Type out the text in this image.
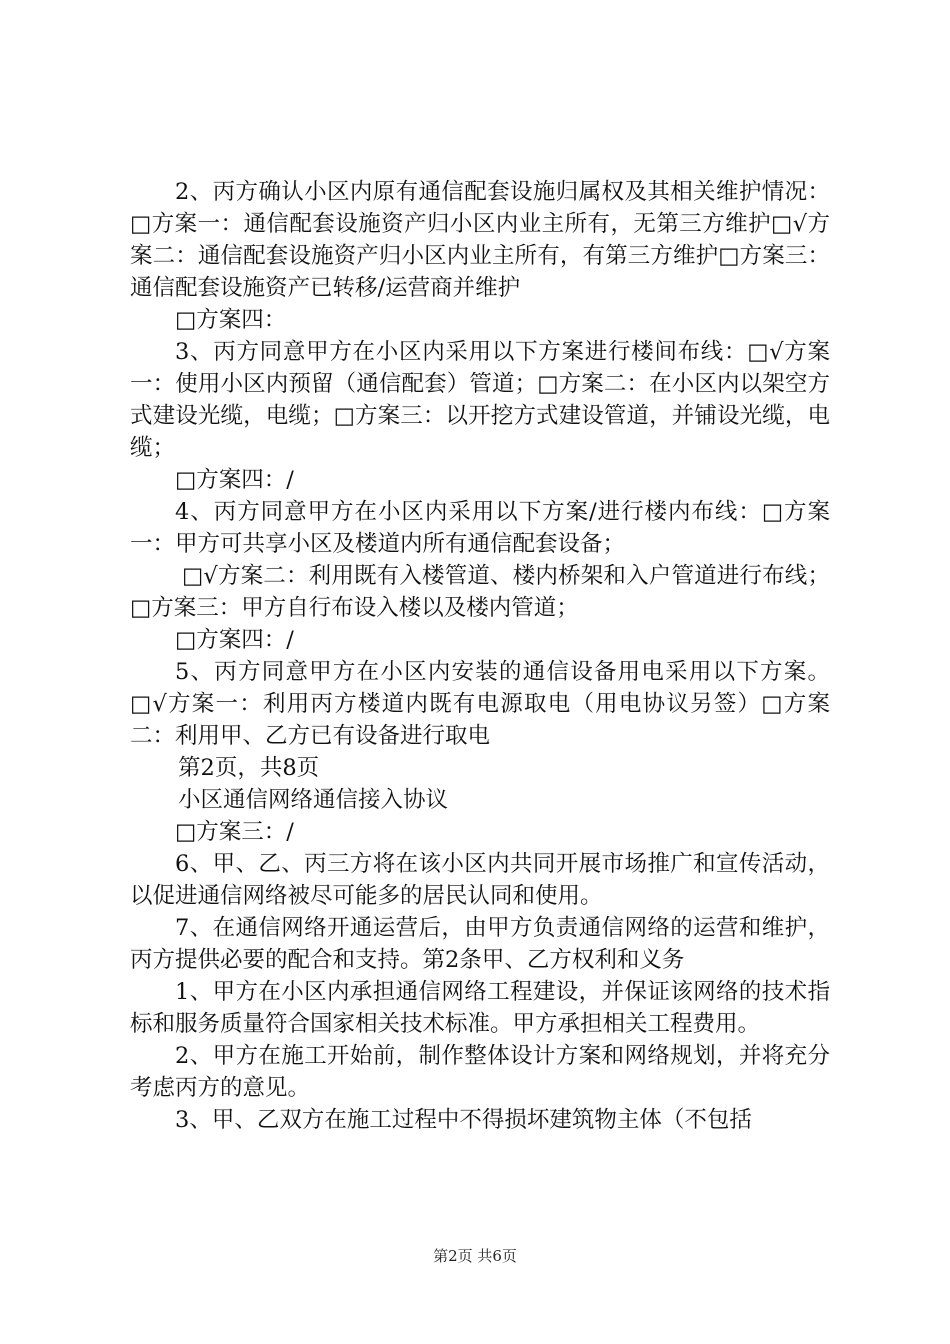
2、丙方确认小区内原有通信配套设施归属权及其相关维护情况：□方案一：通信配套设施资产归小区内业主所有，无第三方维护□√方案二：通信配套设施资产归小区内业主所有，有第三方维护□方案三：通信配套设施资产已转移/运营商并维护

□方案四：

3、丙方同意甲方在小区内采用以下方案进行楼间布线：□√方案一：使用小区内预留（通信配套）管道；□方案二：在小区内以架空方式建设光缆，电缆；□方案三：以开挖方式建设管道，并铺设光缆，电缆；

□方案四：/

4、丙方同意甲方在小区内采用以下方案/进行楼内布线：□方案一：甲方可共享小区及楼道内所有通信配套设备；

□√方案二：利用既有入楼管道、楼内桥架和入户管道进行布线；□方案三：甲方自行布设入楼以及楼内管道；

□方案四：/

5、丙方同意甲方在小区内安装的通信设备用电采用以下方案。□√方案一：利用丙方楼道内既有电源取电（用电协议另签）□方案二：利用甲、乙方已有设备进行取电

第2页，共8页

小区通信网络通信接入协议

□方案三：/

6、甲、乙、丙三方将在该小区内共同开展市场推广和宣传活动，以促进通信网络被尽可能多的居民认同和使用。

7、在通信网络开通运营后，由甲方负责通信网络的运营和维护，丙方提供必要的配合和支持。第2条甲、乙方权利和义务

1、甲方在小区内承担通信网络工程建设，并保证该网络的技术指标和服务质量符合国家相关技术标准。甲方承担相关工程费用。

2、甲方在施工开始前，制作整体设计方案和网络规划，并将充分考虑丙方的意见。

3、甲、乙双方在施工过程中不得损坏建筑物主体（不包括

第2页 共6页
